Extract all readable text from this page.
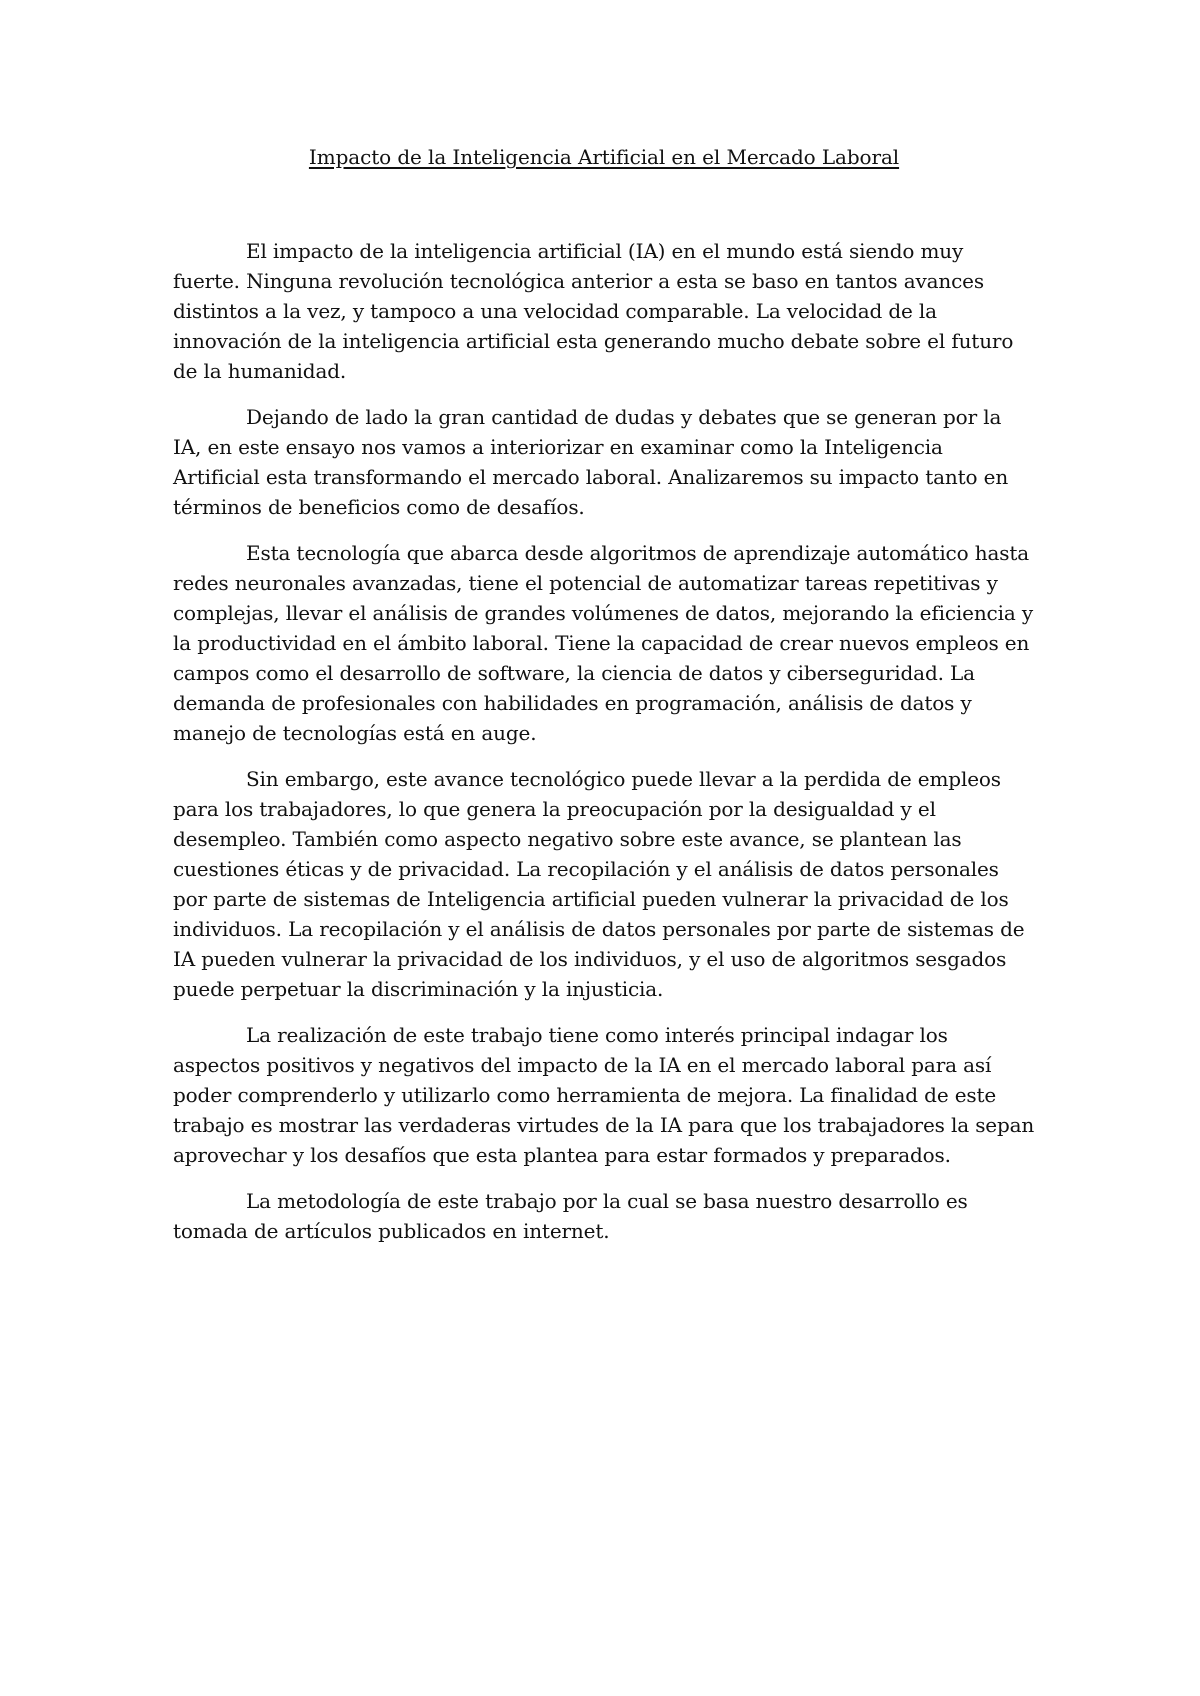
Impacto de la Inteligencia Artificial en el Mercado Laboral

El impacto de la inteligencia artificial (IA) en el mundo está siendo muy fuerte. Ninguna revolución tecnológica anterior a esta se baso en tantos avances distintos a la vez, y tampoco a una velocidad comparable. La velocidad de la innovación de la inteligencia artificial esta generando mucho debate sobre el futuro de la humanidad.

Dejando de lado la gran cantidad de dudas y debates que se generan por la IA, en este ensayo nos vamos a interiorizar en examinar como la Inteligencia Artificial esta transformando el mercado laboral. Analizaremos su impacto tanto en términos de beneficios como de desafíos.

Esta tecnología que abarca desde algoritmos de aprendizaje automático hasta redes neuronales avanzadas, tiene el potencial de automatizar tareas repetitivas y complejas, llevar el análisis de grandes volúmenes de datos, mejorando la eficiencia y la productividad en el ámbito laboral. Tiene la capacidad de crear nuevos empleos en campos como el desarrollo de software, la ciencia de datos y ciberseguridad. La demanda de profesionales con habilidades en programación, análisis de datos y manejo de tecnologías está en auge.

Sin embargo, este avance tecnológico puede llevar a la perdida de empleos para los trabajadores, lo que genera la preocupación por la desigualdad y el desempleo. También como aspecto negativo sobre este avance, se plantean las cuestiones éticas y de privacidad. La recopilación y el análisis de datos personales por parte de sistemas de Inteligencia artificial pueden vulnerar la privacidad de los individuos. La recopilación y el análisis de datos personales por parte de sistemas de IA pueden vulnerar la privacidad de los individuos, y el uso de algoritmos sesgados puede perpetuar la discriminación y la injusticia.

La realización de este trabajo tiene como interés principal indagar los aspectos positivos y negativos del impacto de la IA en el mercado laboral para así poder comprenderlo y utilizarlo como herramienta de mejora. La finalidad de este trabajo es mostrar las verdaderas virtudes de la IA para que los trabajadores la sepan aprovechar y los desafíos que esta plantea para estar formados y preparados.

La metodología de este trabajo por la cual se basa nuestro desarrollo es tomada de artículos publicados en internet.
